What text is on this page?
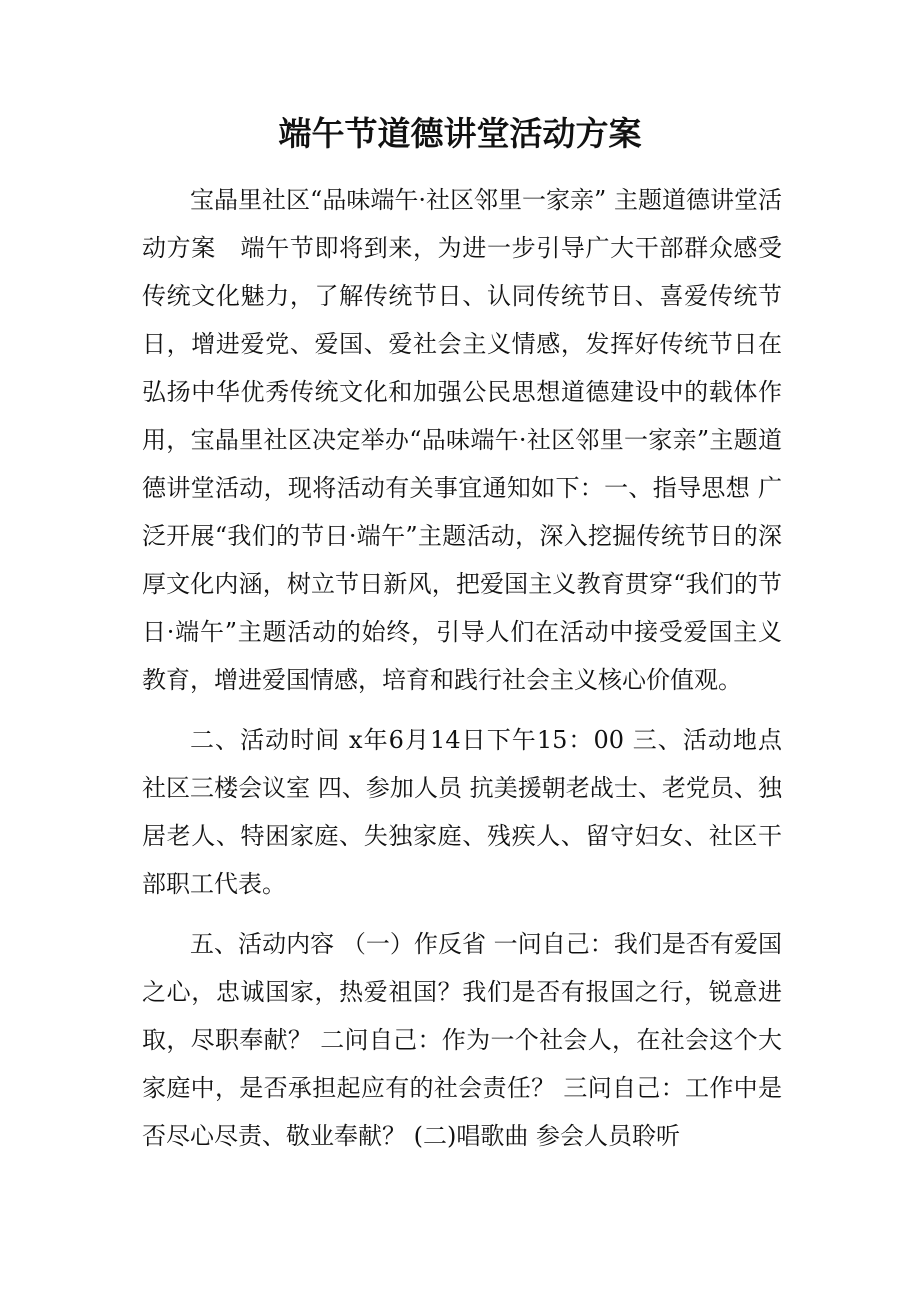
端午节道德讲堂活动方案

宝晶里社区“品味端午·社区邻里一家亲” 主题道德讲堂活动方案　端午节即将到来，为进一步引导广大干部群众感受传统文化魅力，了解传统节日、认同传统节日、喜爱传统节日，增进爱党、爱国、爱社会主义情感，发挥好传统节日在弘扬中华优秀传统文化和加强公民思想道德建设中的载体作用，宝晶里社区决定举办“品味端午·社区邻里一家亲”主题道德讲堂活动，现将活动有关事宜通知如下：一、指导思想 广泛开展“我们的节日·端午”主题活动，深入挖掘传统节日的深厚文化内涵，树立节日新风，把爱国主义教育贯穿“我们的节日·端午”主题活动的始终，引导人们在活动中接受爱国主义教育，增进爱国情感，培育和践行社会主义核心价值观。

二、活动时间 x年6月14日下午15：00 三、活动地点 社区三楼会议室 四、参加人员 抗美援朝老战士、老党员、独居老人、特困家庭、失独家庭、残疾人、留守妇女、社区干部职工代表。

五、活动内容 （一）作反省 一问自己：我们是否有爱国之心，忠诚国家，热爱祖国？我们是否有报国之行，锐意进取，尽职奉献？ 二问自己：作为一个社会人，在社会这个大家庭中，是否承担起应有的社会责任？ 三问自己：工作中是否尽心尽责、敬业奉献？ (二)唱歌曲 参会人员聆听
